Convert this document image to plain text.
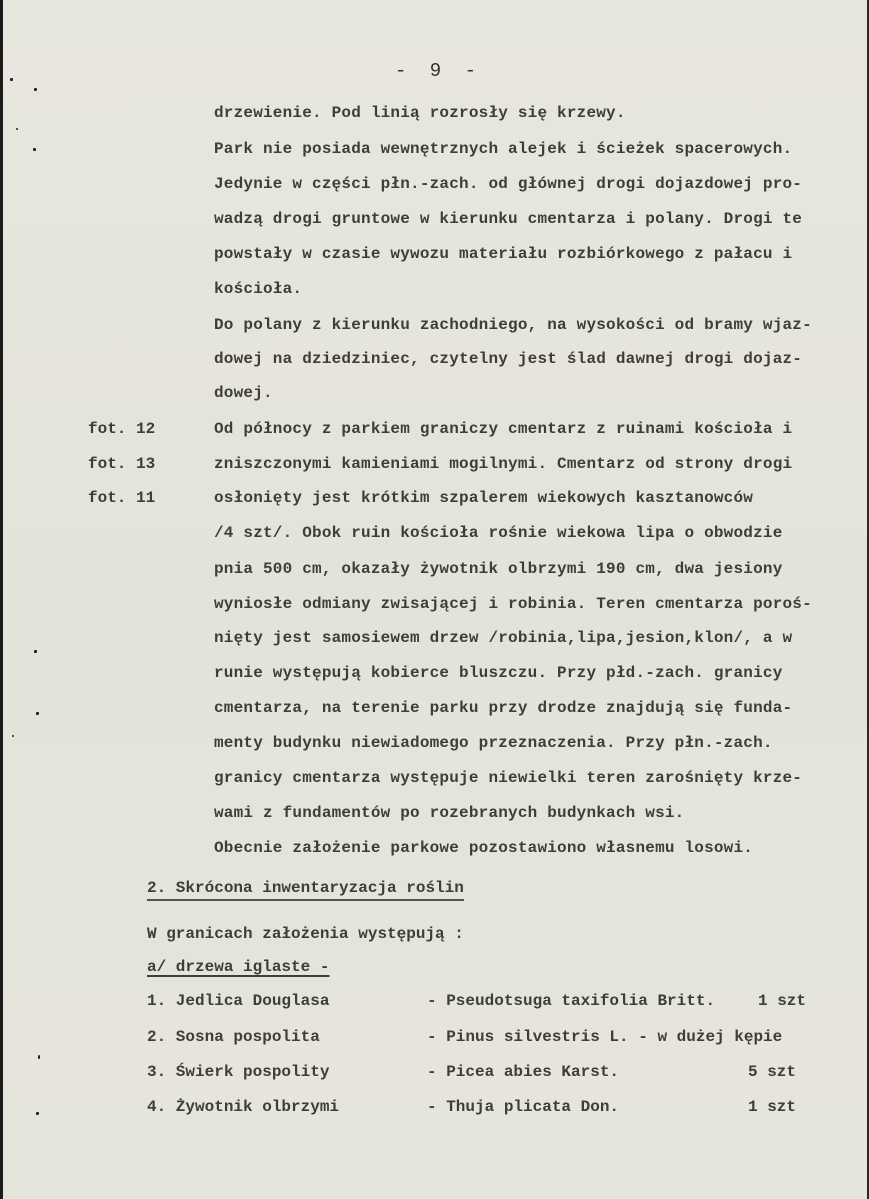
- 9 -
drzewienie. Pod linią rozrosły się krzewy.
Park nie posiada wewnętrznych alejek i ścieżek spacerowych.
Jedynie w części płn.-zach. od głównej drogi dojazdowej pro-
wadzą drogi gruntowe w kierunku cmentarza i polany. Drogi te
powstały w czasie wywozu materiału rozbiórkowego z pałacu i
kościoła.
Do polany z kierunku zachodniego, na wysokości od bramy wjaz-
dowej na dziedziniec, czytelny jest ślad dawnej drogi dojaz-
dowej.
fot. 12
fot. 13
fot. 11
Od północy z parkiem graniczy cmentarz z ruinami kościoła i
zniszczonymi kamieniami mogilnymi. Cmentarz od strony drogi
osłonięty jest krótkim szpalerem wiekowych kasztanowców
/4 szt/. Obok ruin kościoła rośnie wiekowa lipa o obwodzie
pnia 500 cm, okazały żywotnik olbrzymi 190 cm, dwa jesiony
wyniosłe odmiany zwisającej i robinia. Teren cmentarza poroś-
nięty jest samosiewem drzew /robinia,lipa,jesion,klon/, a w
runie występują kobierce bluszczu. Przy płd.-zach. granicy
cmentarza, na terenie parku przy drodze znajdują się funda-
menty budynku niewiadomego przeznaczenia. Przy płn.-zach.
granicy cmentarza występuje niewielki teren zarośnięty krze-
wami z fundamentów po rozebranych budynkach wsi.
Obecnie założenie parkowe pozostawiono własnemu losowi.
2. Skrócona inwentaryzacja roślin
W granicach założenia występują :
a/ drzewa iglaste -
1. Jedlica Douglasa	- Pseudotsuga taxifolia Britt.	1 szt
2. Sosna pospolita	- Pinus silvestris L. - w dużej kępie
3. Świerk pospolity	- Picea abies Karst.	5 szt
4. Żywotnik olbrzymi	- Thuja plicata Don.	1 szt
